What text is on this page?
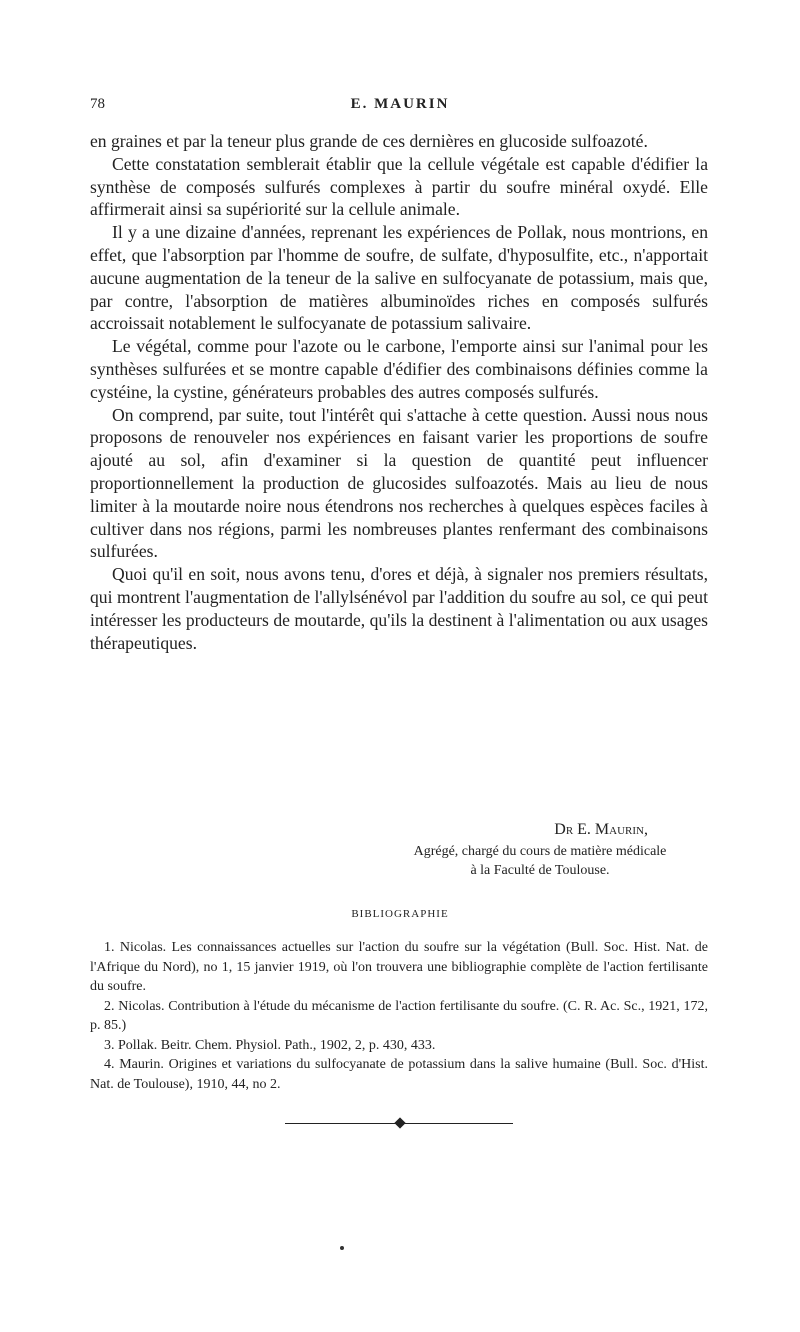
78	E. MAURIN

en graines et par la teneur plus grande de ces dernières en glucoside sulfoazoté.

Cette constatation semblerait établir que la cellule végétale est capable d'édifier la synthèse de composés sulfurés complexes à partir du soufre minéral oxydé. Elle affirmerait ainsi sa supériorité sur la cellule animale.

Il y a une dizaine d'années, reprenant les expériences de Pollak, nous montrions, en effet, que l'absorption par l'homme de soufre, de sulfate, d'hyposulfite, etc., n'apportait aucune augmentation de la teneur de la salive en sulfocyanate de potassium, mais que, par contre, l'absorption de matières albuminoïdes riches en composés sulfurés accroissait notablement le sulfocyanate de potassium salivaire.

Le végétal, comme pour l'azote ou le carbone, l'emporte ainsi sur l'animal pour les synthèses sulfurées et se montre capable d'édifier des combinaisons définies comme la cystéine, la cystine, générateurs probables des autres composés sulfurés.

On comprend, par suite, tout l'intérêt qui s'attache à cette question. Aussi nous nous proposons de renouveler nos expériences en faisant varier les proportions de soufre ajouté au sol, afin d'examiner si la question de quantité peut influencer proportionnellement la production de glucosides sulfoazotés. Mais au lieu de nous limiter à la moutarde noire nous étendrons nos recherches à quelques espèces faciles à cultiver dans nos régions, parmi les nombreuses plantes renfermant des combinaisons sulfurées.

Quoi qu'il en soit, nous avons tenu, d'ores et déjà, à signaler nos premiers résultats, qui montrent l'augmentation de l'allylsénévol par l'addition du soufre au sol, ce qui peut intéresser les producteurs de moutarde, qu'ils la destinent à l'alimentation ou aux usages thérapeutiques.

Dr E. Maurin,
Agrégé, chargé du cours de matière médicale
à la Faculté de Toulouse.
BIBLIOGRAPHIE

1. Nicolas. Les connaissances actuelles sur l'action du soufre sur la végétation (Bull. Soc. Hist. Nat. de l'Afrique du Nord), no 1, 15 janvier 1919, où l'on trouvera une bibliographie complète de l'action fertilisante du soufre.

2. Nicolas. Contribution à l'étude du mécanisme de l'action fertilisante du soufre. (C. R. Ac. Sc., 1921, 172, p. 85.)

3. Pollak. Beitr. Chem. Physiol. Path., 1902, 2, p. 430, 433.

4. Maurin. Origines et variations du sulfocyanate de potassium dans la salive humaine (Bull. Soc. d'Hist. Nat. de Toulouse), 1910, 44, no 2.
